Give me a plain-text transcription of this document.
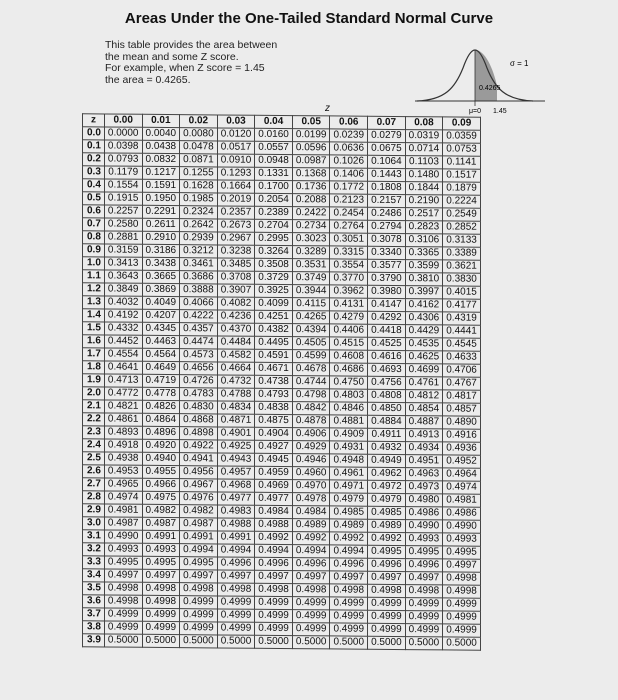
Areas Under the One-Tailed Standard Normal Curve
This table provides the area between
the mean and some Z score.
For example, when Z score = 1.45
the area = 0.4265.
σ = 1
0.4265
μ=0 1.45
z
z	0.00	0.01	0.02	0.03	0.04	0.05	0.06	0.07	0.08	0.09
0.0	0.0000	0.0040	0.0080	0.0120	0.0160	0.0199	0.0239	0.0279	0.0319	0.0359
0.1	0.0398	0.0438	0.0478	0.0517	0.0557	0.0596	0.0636	0.0675	0.0714	0.0753
0.2	0.0793	0.0832	0.0871	0.0910	0.0948	0.0987	0.1026	0.1064	0.1103	0.1141
0.3	0.1179	0.1217	0.1255	0.1293	0.1331	0.1368	0.1406	0.1443	0.1480	0.1517
0.4	0.1554	0.1591	0.1628	0.1664	0.1700	0.1736	0.1772	0.1808	0.1844	0.1879
0.5	0.1915	0.1950	0.1985	0.2019	0.2054	0.2088	0.2123	0.2157	0.2190	0.2224
0.6	0.2257	0.2291	0.2324	0.2357	0.2389	0.2422	0.2454	0.2486	0.2517	0.2549
0.7	0.2580	0.2611	0.2642	0.2673	0.2704	0.2734	0.2764	0.2794	0.2823	0.2852
0.8	0.2881	0.2910	0.2939	0.2967	0.2995	0.3023	0.3051	0.3078	0.3106	0.3133
0.9	0.3159	0.3186	0.3212	0.3238	0.3264	0.3289	0.3315	0.3340	0.3365	0.3389
1.0	0.3413	0.3438	0.3461	0.3485	0.3508	0.3531	0.3554	0.3577	0.3599	0.3621
1.1	0.3643	0.3665	0.3686	0.3708	0.3729	0.3749	0.3770	0.3790	0.3810	0.3830
1.2	0.3849	0.3869	0.3888	0.3907	0.3925	0.3944	0.3962	0.3980	0.3997	0.4015
1.3	0.4032	0.4049	0.4066	0.4082	0.4099	0.4115	0.4131	0.4147	0.4162	0.4177
1.4	0.4192	0.4207	0.4222	0.4236	0.4251	0.4265	0.4279	0.4292	0.4306	0.4319
1.5	0.4332	0.4345	0.4357	0.4370	0.4382	0.4394	0.4406	0.4418	0.4429	0.4441
1.6	0.4452	0.4463	0.4474	0.4484	0.4495	0.4505	0.4515	0.4525	0.4535	0.4545
1.7	0.4554	0.4564	0.4573	0.4582	0.4591	0.4599	0.4608	0.4616	0.4625	0.4633
1.8	0.4641	0.4649	0.4656	0.4664	0.4671	0.4678	0.4686	0.4693	0.4699	0.4706
1.9	0.4713	0.4719	0.4726	0.4732	0.4738	0.4744	0.4750	0.4756	0.4761	0.4767
2.0	0.4772	0.4778	0.4783	0.4788	0.4793	0.4798	0.4803	0.4808	0.4812	0.4817
2.1	0.4821	0.4826	0.4830	0.4834	0.4838	0.4842	0.4846	0.4850	0.4854	0.4857
2.2	0.4861	0.4864	0.4868	0.4871	0.4875	0.4878	0.4881	0.4884	0.4887	0.4890
2.3	0.4893	0.4896	0.4898	0.4901	0.4904	0.4906	0.4909	0.4911	0.4913	0.4916
2.4	0.4918	0.4920	0.4922	0.4925	0.4927	0.4929	0.4931	0.4932	0.4934	0.4936
2.5	0.4938	0.4940	0.4941	0.4943	0.4945	0.4946	0.4948	0.4949	0.4951	0.4952
2.6	0.4953	0.4955	0.4956	0.4957	0.4959	0.4960	0.4961	0.4962	0.4963	0.4964
2.7	0.4965	0.4966	0.4967	0.4968	0.4969	0.4970	0.4971	0.4972	0.4973	0.4974
2.8	0.4974	0.4975	0.4976	0.4977	0.4977	0.4978	0.4979	0.4979	0.4980	0.4981
2.9	0.4981	0.4982	0.4982	0.4983	0.4984	0.4984	0.4985	0.4985	0.4986	0.4986
3.0	0.4987	0.4987	0.4987	0.4988	0.4988	0.4989	0.4989	0.4989	0.4990	0.4990
3.1	0.4990	0.4991	0.4991	0.4991	0.4992	0.4992	0.4992	0.4992	0.4993	0.4993
3.2	0.4993	0.4993	0.4994	0.4994	0.4994	0.4994	0.4994	0.4995	0.4995	0.4995
3.3	0.4995	0.4995	0.4995	0.4996	0.4996	0.4996	0.4996	0.4996	0.4996	0.4997
3.4	0.4997	0.4997	0.4997	0.4997	0.4997	0.4997	0.4997	0.4997	0.4997	0.4998
3.5	0.4998	0.4998	0.4998	0.4998	0.4998	0.4998	0.4998	0.4998	0.4998	0.4998
3.6	0.4998	0.4998	0.4999	0.4999	0.4999	0.4999	0.4999	0.4999	0.4999	0.4999
3.7	0.4999	0.4999	0.4999	0.4999	0.4999	0.4999	0.4999	0.4999	0.4999	0.4999
3.8	0.4999	0.4999	0.4999	0.4999	0.4999	0.4999	0.4999	0.4999	0.4999	0.4999
3.9	0.5000	0.5000	0.5000	0.5000	0.5000	0.5000	0.5000	0.5000	0.5000	0.5000
